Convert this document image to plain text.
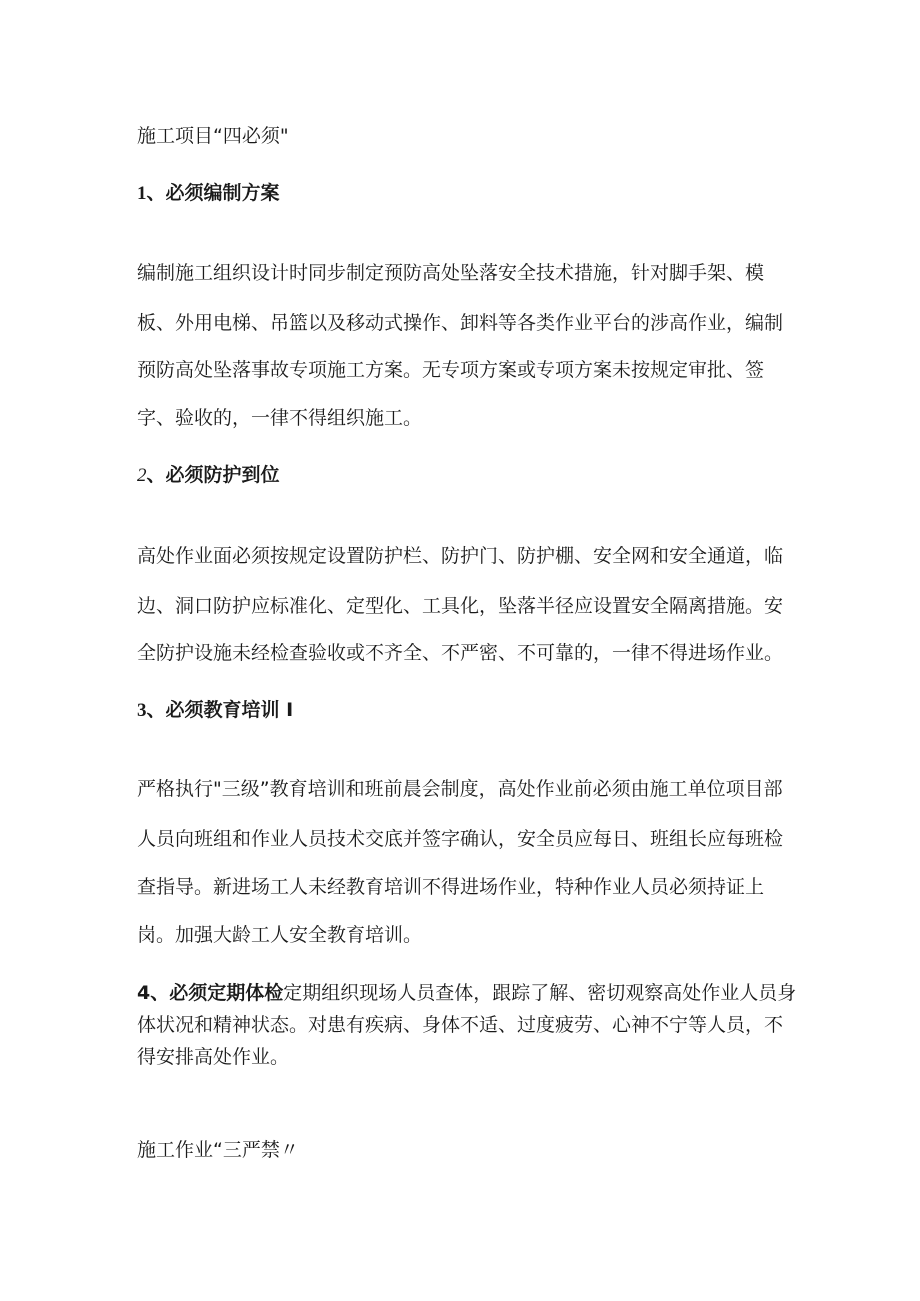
施工项目“四必须"
1、必须编制方案
编制施工组织设计时同步制定预防高处坠落安全技术措施，针对脚手架、模
板、外用电梯、吊篮以及移动式操作、卸料等各类作业平台的涉高作业，编制
预防高处坠落事故专项施工方案。无专项方案或专项方案未按规定审批、签
字、验收的，一律不得组织施工。
2、必须防护到位
高处作业面必须按规定设置防护栏、防护门、防护棚、安全网和安全通道，临
边、洞口防护应标准化、定型化、工具化，坠落半径应设置安全隔离措施。安
全防护设施未经检查验收或不齐全、不严密、不可靠的，一律不得进场作业。
3、必须教育培训 I
严格执行"三级”教育培训和班前晨会制度，高处作业前必须由施工单位项目部
人员向班组和作业人员技术交底并签字确认，安全员应每日、班组长应每班检
查指导。新进场工人未经教育培训不得进场作业，特种作业人员必须持证上
岗。加强大龄工人安全教育培训。
4、必须定期体检定期组织现场人员查体，跟踪了解、密切观察高处作业人员身
体状况和精神状态。对患有疾病、身体不适、过度疲劳、心神不宁等人员，不
得安排高处作业。
施工作业“三严禁〃
